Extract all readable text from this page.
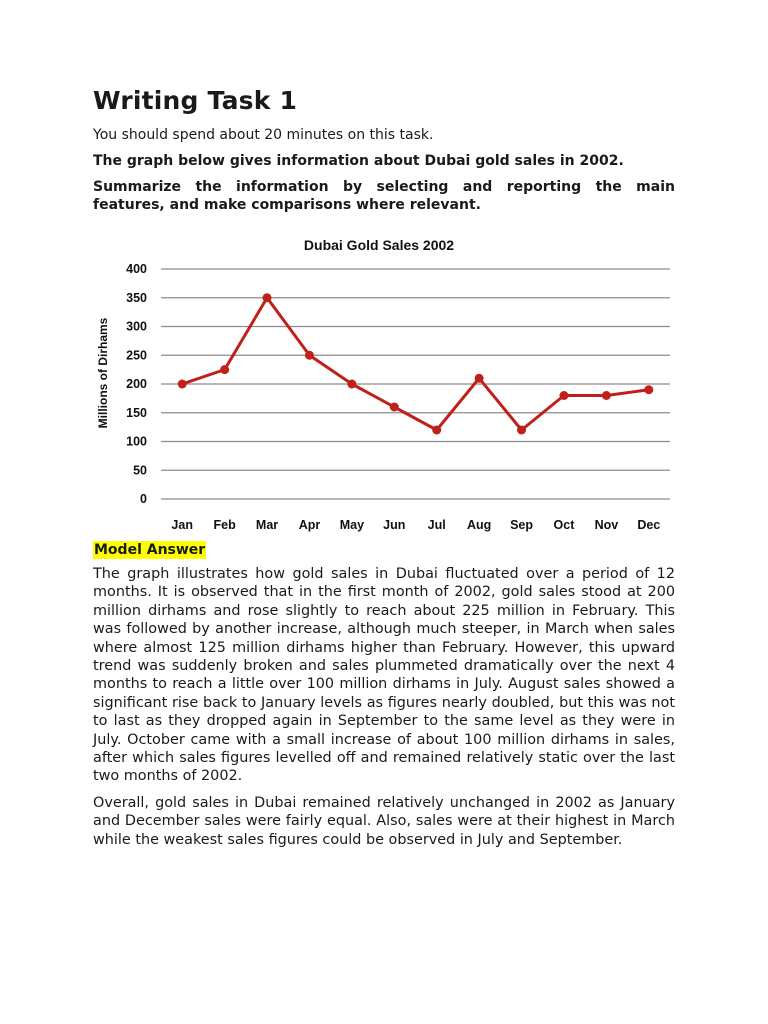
Writing Task 1

You should spend about 20 minutes on this task.

The graph below gives information about Dubai gold sales in 2002.

Summarize the information by selecting and reporting the main features, and make comparisons where relevant.

Dubai Gold Sales 2002
Millions of Dirhams
0
50
100
150
200
250
300
350
400
Jan Feb Mar Apr May Jun Jul Aug Sep Oct Nov Dec
Model Answer

The graph illustrates how gold sales in Dubai fluctuated over a period of 12 months. It is observed that in the first month of 2002, gold sales stood at 200 million dirhams and rose slightly to reach about 225 million in February. This was followed by another increase, although much steeper, in March when sales where almost 125 million dirhams higher than February. However, this upward trend was suddenly broken and sales plummeted dramatically over the next 4 months to reach a little over 100 million dirhams in July. August sales showed a significant rise back to January levels as figures nearly doubled, but this was not to last as they dropped again in September to the same level as they were in July. October came with a small increase of about 100 million dirhams in sales, after which sales figures levelled off and remained relatively static over the last two months of 2002.

Overall, gold sales in Dubai remained relatively unchanged in 2002 as January and December sales were fairly equal. Also, sales were at their highest in March while the weakest sales figures could be observed in July and September.
